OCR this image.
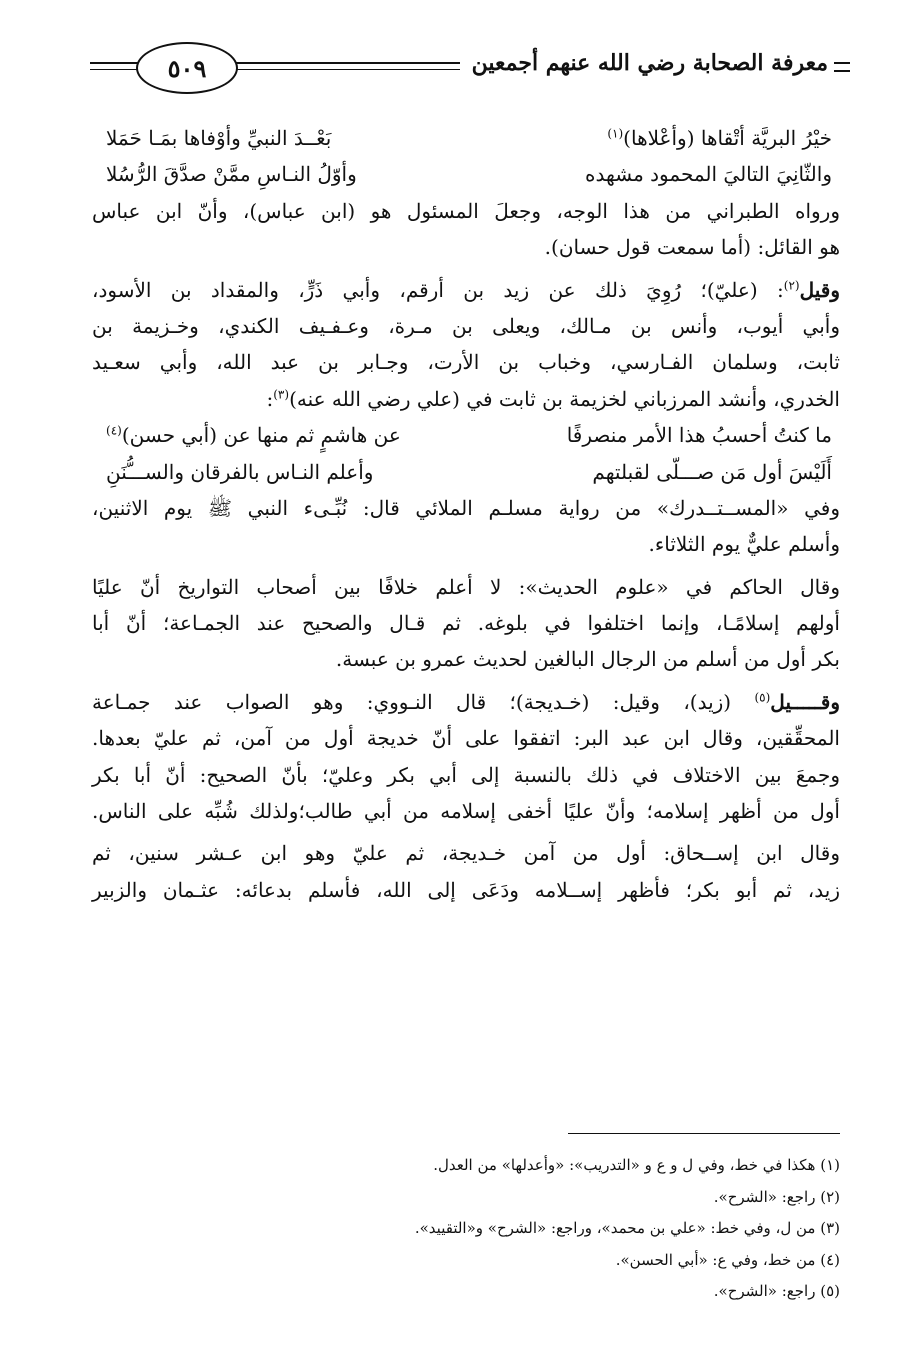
٥٠٩	معرفة الصحابة رضي الله عنهم أجمعين
خيْرُ البريَّة أتْقاها (وأعْلاها)$^{(١)}$
بَعْــدَ النبيِّ وأوْفاها بمَـا حَمَلا
والثّانِيَ التاليَ المحمود مشهده
وأوّلُ النـاسِ ممَّنْ صدَّقَ الرُّسُلا
ورواه الطبراني من هذا الوجه، وجعلَ المسئول هو (ابن عباس)، وأنّ ابن عباس
هو القائل: (أما سمعت قول حسان).
وقيل$^{(٢)}$: (عليّ)؛ رُوِيَ ذلك عن زيد بن أرقم، وأبي ذَرٍّ، والمقداد بن الأسود،
وأبي أيوب، وأنس بن مـالك، ويعلى بن مـرة، وعـفـيف الكندي، وخـزيمة بن
ثابت، وسلمان الفـارسي، وخباب بن الأرت، وجـابر بن عبد الله، وأبي سعـيد
الخدري، وأنشد المرزباني لخزيمة بن ثابت في (علي رضي الله عنه)$^{(٣)}$:
ما كنتُ أحسبُ هذا الأمر منصرفًا
عن هاشمٍ ثم منها عن (أبي حسن)$^{(٤)}$
أَلَيْسَ أول مَن صـــلّى لقبلتهم
وأعلم النـاس بالفرقان والســـُّنَنِ
وفي «المســتــدرك» من رواية مسلـم الملائي قال: نُبِّـىء النبي ﷺ يوم الاثنين،
وأسلم عليٌّ يوم الثلاثاء.
وقال الحاكم في «علوم الحديث»: لا أعلم خلافًا بين أصحاب التواريخ أنّ عليًا
أولهم إسلامًـا، وإنما اختلفوا في بلوغه. ثم قـال والصحيح عند الجمـاعة؛ أنّ أبا
بكر أول من أسلم من الرجال البالغين لحديث عمرو بن عبسة.
وقـــــيل$^{(٥)}$ (زيد)، وقيل: (خـديجة)؛ قال النـووي: وهو الصواب عند جمـاعة
المحقِّقين، وقال ابن عبد البر: اتفقوا على أنّ خديجة أول من آمن، ثم عليّ بعدها.
وجمعَ بين الاختلاف في ذلك بالنسبة إلى أبي بكر وعليّ؛ بأنّ الصحيح: أنّ أبا بكر
أول من أظهر إسلامه؛ وأنّ عليًا أخفى إسلامه من أبي طالب؛ولذلك شُبِّه على الناس.
وقال ابن إســحاق: أول من آمن خـديجة، ثم عليّ وهو ابن عـشر سنين، ثم
زيد، ثم أبو بكر؛ فأظهر إســلامه ودَعَى إلى الله، فأسلم بدعائه: عثـمان والزبير
(١) هكذا في خط، وفي ل و ع و «التدريب»: «وأعدلها» من العدل.
(٢) راجع: «الشرح».
(٣) من ل، وفي خط: «علي بن محمد»، وراجع: «الشرح» و«التقييد».
(٤) من خط، وفي ع: «أبي الحسن».
(٥) راجع: «الشرح».
